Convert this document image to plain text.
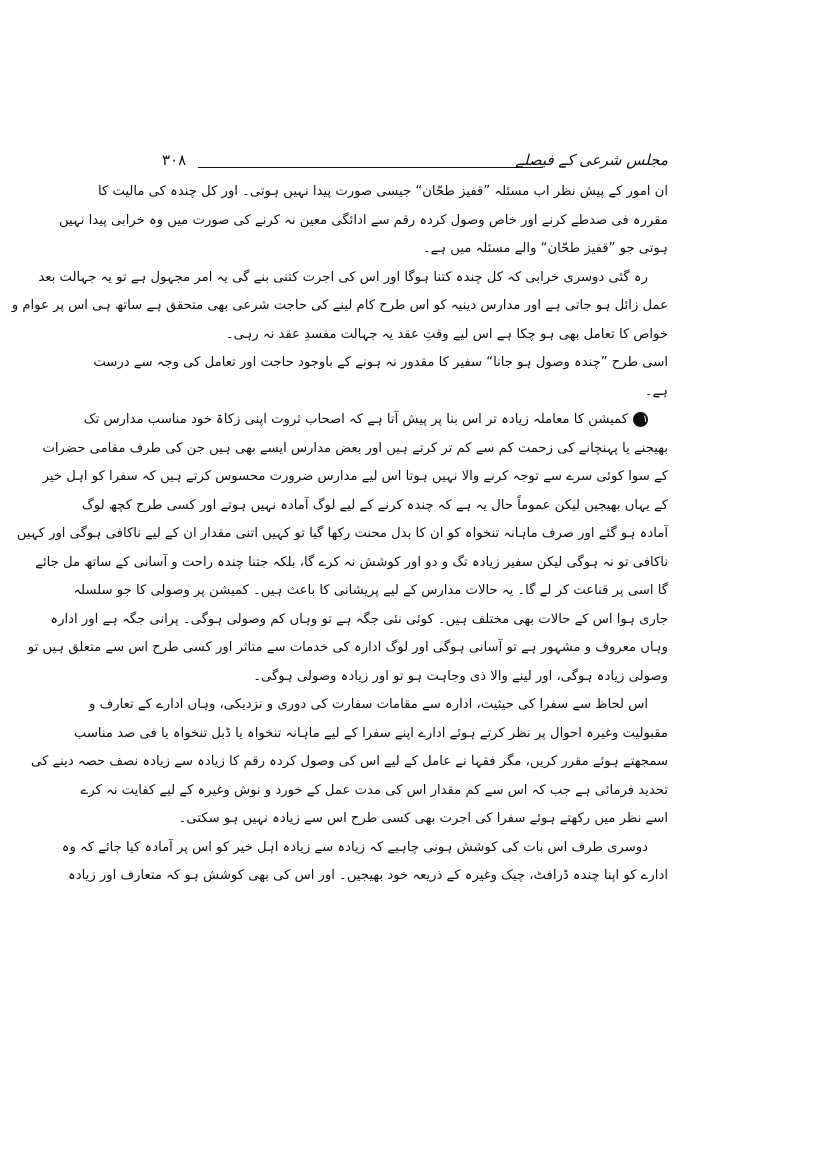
مجلس شرعی کے فیصلے
۳۰۸
ان امور کے پیش نظر اب مسئلہ ”قفیز طحّان“ جیسی صورت پیدا نہیں ہوتی۔ اور کل چندہ کی مالیت کا
مقررہ فی صدطے کرنے اور خاص وصول کردہ رقم سے ادائگی معین نہ کرنے کی صورت میں وہ خرابی پیدا نہیں
ہوتی جو ”قفیز طحّان“ والے مسئلہ میں ہے۔
رہ گئی دوسری خرابی کہ کل چندہ کتنا ہوگا اور اس کی اجرت کتنی بنے گی یہ امر مجہول ہے تو یہ جہالت بعد
عمل زائل ہو جاتی ہے اور مدارس دینیہ کو اس طرح کام لینے کی حاجت شرعی بھی متحقق ہے ساتھ ہی اس پر عوام و
خواص کا تعامل بھی ہو چکا ہے اس لیے وقتِ عقد یہ جہالت مفسدِ عقد نہ رہی۔
اسی طرح ”چندہ وصول ہو جانا“ سفیر کا مقدور نہ ہونے کے باوجود حاجت اور تعامل کی وجہ سے درست
ہے۔
۱کمیشن کا معاملہ زیادہ تر اس بنا پر پیش آتا ہے کہ اصحاب ثروت اپنی زکاۃ خود مناسب مدارس تک
بھیجنے یا پہنچانے کی زحمت کم سے کم تر کرتے ہیں اور بعض مدارس ایسے بھی ہیں جن کی طرف مقامی حضرات
کے سوا کوئی سرے سے توجہ کرنے والا نہیں ہوتا اس لیے مدارس ضرورت محسوس کرتے ہیں کہ سفرا کو اہل خیر
کے یہاں بھیجیں لیکن عموماً حال یہ ہے کہ چندہ کرنے کے لیے لوگ آمادہ نہیں ہوتے اور کسی طرح کچھ لوگ
آمادہ ہو گئے اور صرف ماہانہ تنخواہ کو ان کا بدل محنت رکھا گیا تو کہیں اتنی مقدار ان کے لیے ناکافی ہوگی اور کہیں
ناکافی تو نہ ہوگی لیکن سفیر زیادہ تگ و دو اور کوشش نہ کرے گا، بلکہ جتنا چندہ راحت و آسانی کے ساتھ مل جائے
گا اسی پر قناعت کر لے گا۔ یہ حالات مدارس کے لیے پریشانی کا باعث ہیں۔ کمیشن پر وصولی کا جو سلسلہ
جاری ہوا اس کے حالات بھی مختلف ہیں۔ کوئی نئی جگہ ہے تو وہاں کم وصولی ہوگی۔ پرانی جگہ ہے اور ادارہ
وہاں معروف و مشہور ہے تو آسانی ہوگی اور لوگ ادارہ کی خدمات سے متاثر اور کسی طرح اس سے متعلق ہیں تو
وصولی زیادہ ہوگی، اور لینے والا ذی وجاہت ہو تو اور زیادہ وصولی ہوگی۔
اس لحاظ سے سفرا کی حیثیت، ادارہ سے مقامات سفارت کی دوری و نزدیکی، وہاں ادارے کے تعارف و
مقبولیت وغیرہ احوال پر نظر کرتے ہوئے ادارے اپنے سفرا کے لیے ماہانہ تنخواہ یا ڈبل تنخواہ یا فی صد مناسب
سمجھتے ہوئے مقرر کریں، مگر فقہا نے عامل کے لیے اس کی وصول کردہ رقم کا زیادہ سے زیادہ نصف حصہ دینے کی
تحدید فرمائی ہے جب کہ اس سے کم مقدار اس کی مدت عمل کے خورد و نوش وغیرہ کے لیے کفایت نہ کرے
اسے نظر میں رکھتے ہوئے سفرا کی اجرت بھی کسی طرح اس سے زیادہ نہیں ہو سکتی۔
دوسری طرف اس بات کی کوشش ہونی چاہیے کہ زیادہ سے زیادہ اہل خیر کو اس پر آمادہ کیا جائے کہ وہ
ادارے کو اپنا چندہ ڈرافٹ، چیک وغیرہ کے ذریعہ خود بھیجیں۔ اور اس کی بھی کوشش ہو کہ متعارف اور زیادہ
